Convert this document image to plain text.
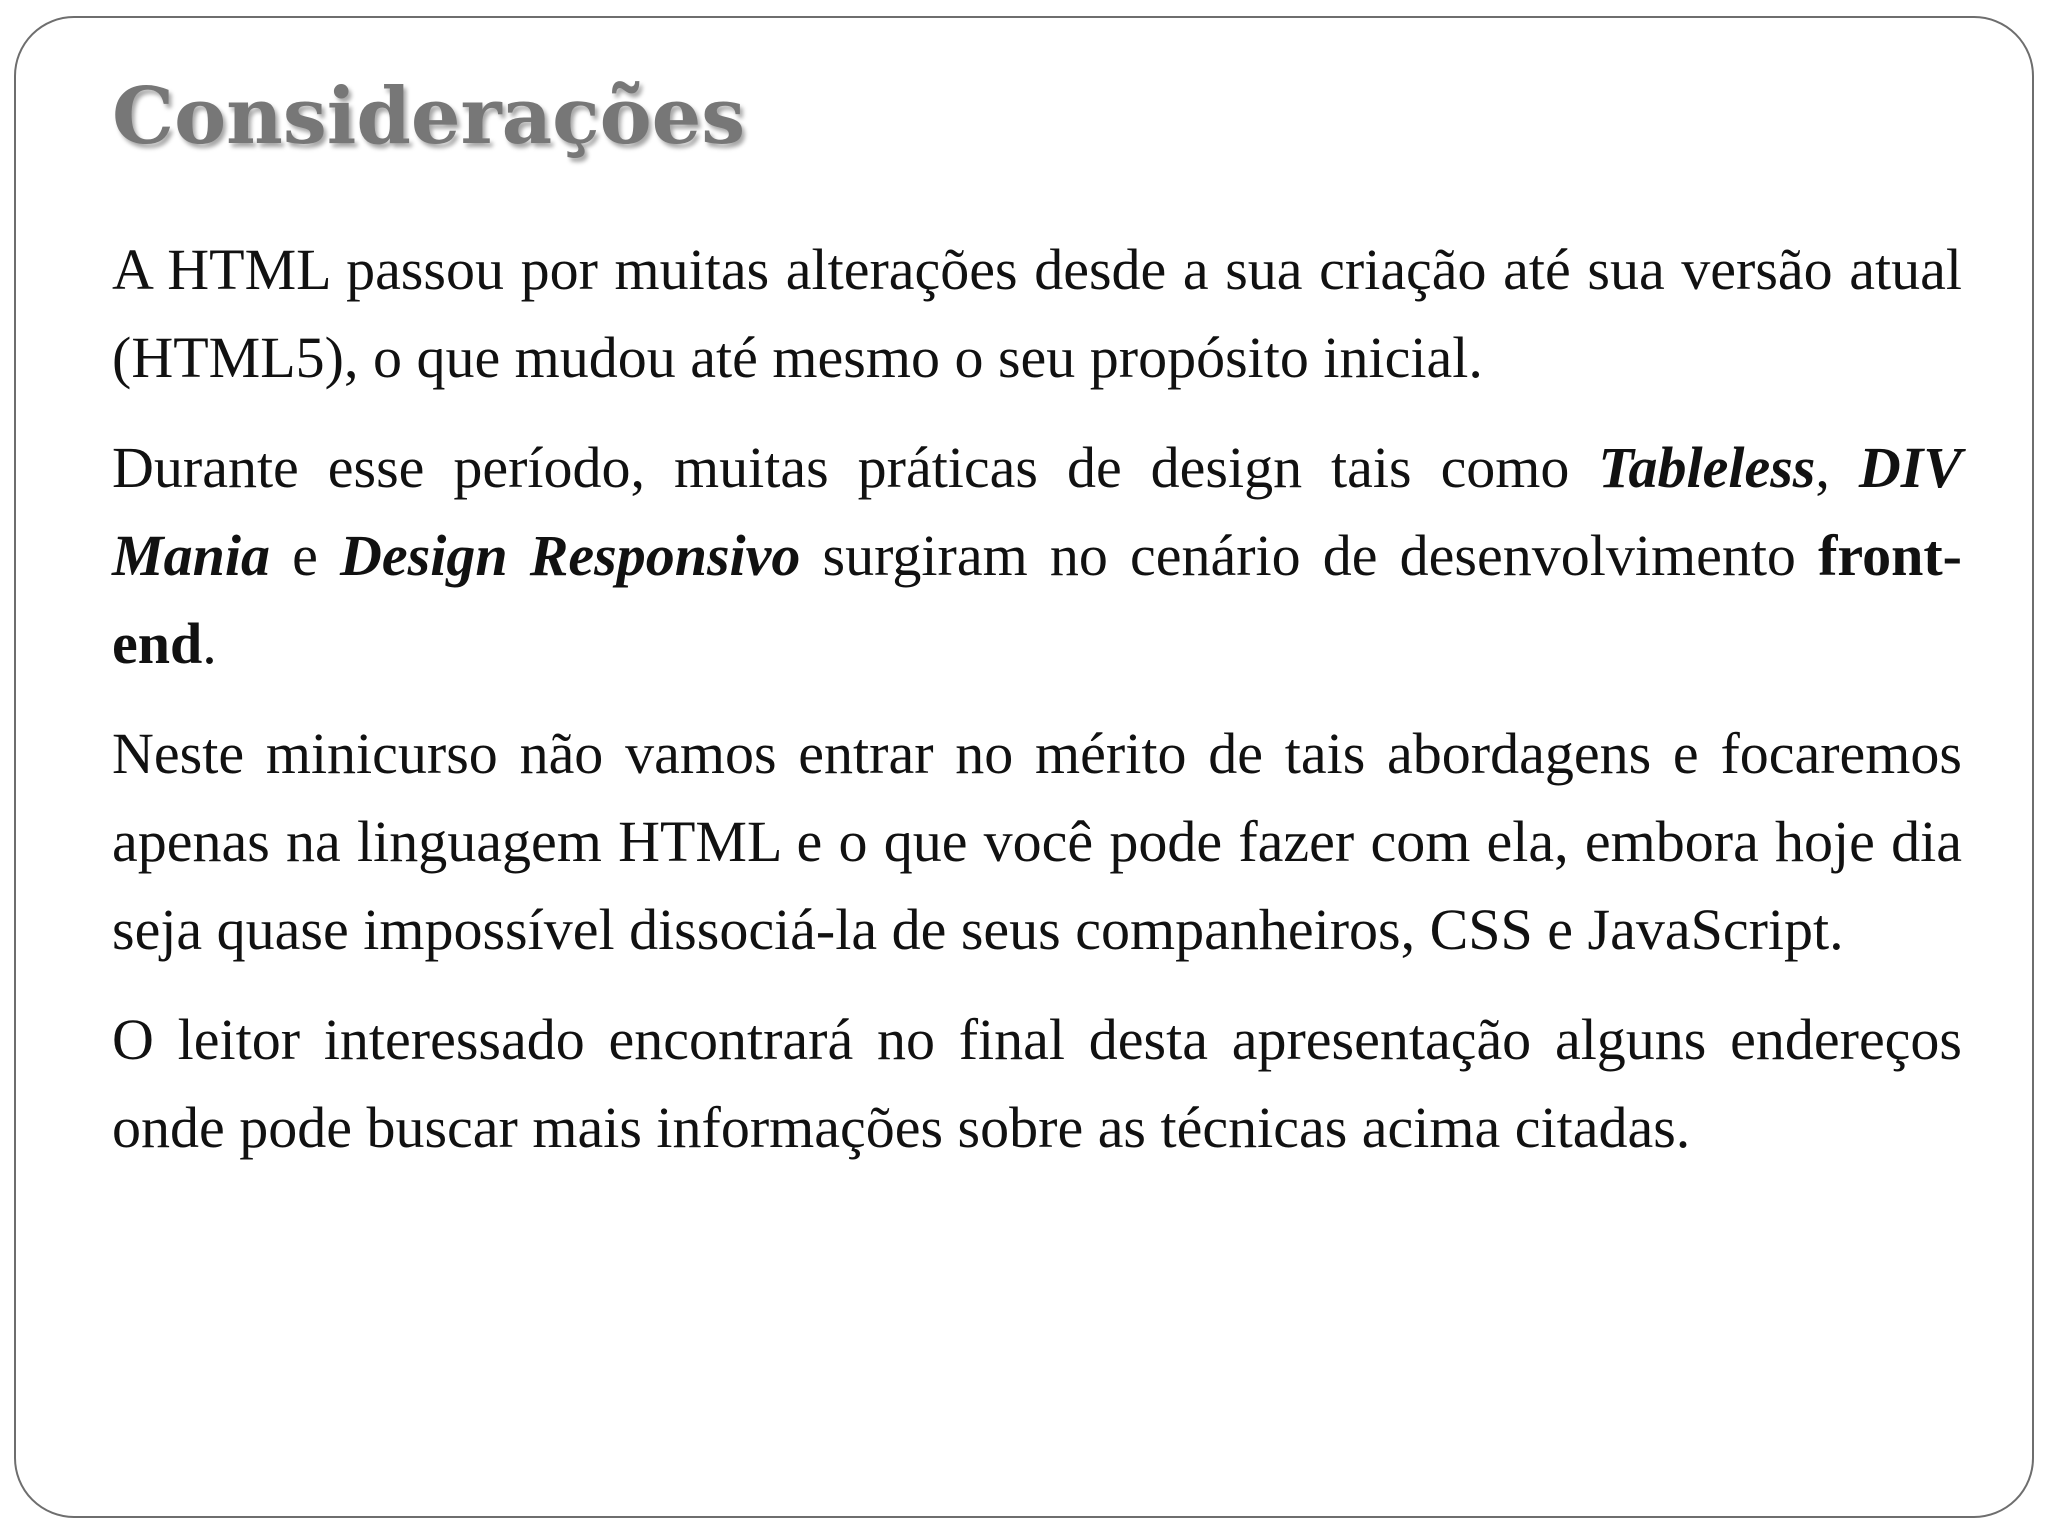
Considerações

A HTML passou por muitas alterações desde a sua criação até sua versão atual (HTML5), o que mudou até mesmo o seu propósito inicial.

Durante esse período, muitas práticas de design tais como Tableless, DIV Mania e Design Responsivo surgiram no cenário de desenvolvimento front-end.

Neste minicurso não vamos entrar no mérito de tais abordagens e focaremos apenas na linguagem HTML e o que você pode fazer com ela, embora hoje dia seja quase impossível dissociá-la de seus companheiros, CSS e JavaScript.

O leitor interessado encontrará no final desta apresentação alguns endereços onde pode buscar mais informações sobre as técnicas acima citadas.
